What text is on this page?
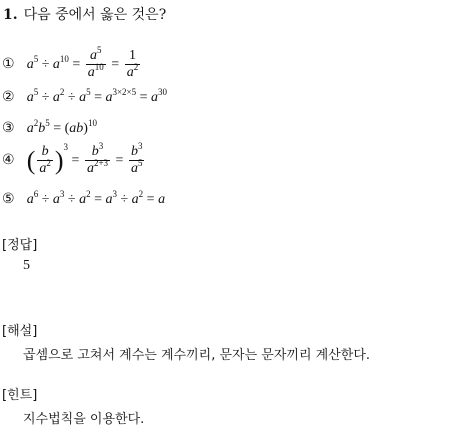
1. 다음 중에서 옳은 것은?
① $a^5 \div a^{10} = \frac{a^5}{a^{10}} = \frac{1}{a^2}$
② $a^5 \div a^2 \div a^5 = a^{3\times 2\times 5} = a^{30}$
③ $a^2b^5 = (ab)^{10}$
④ ( $\frac{b}{a^2} )^3 = \frac{b^3}{a^{2+3}} = \frac{b^3}{a^5}$
⑤ $a^6 \div a^3 \div a^2 = a^3 \div a^2 = a$
[정답]
5
[해설]
곱셈으로 고쳐서 계수는 계수끼리, 문자는 문자끼리 계산한다.
[힌트]
지수법칙을 이용한다.
